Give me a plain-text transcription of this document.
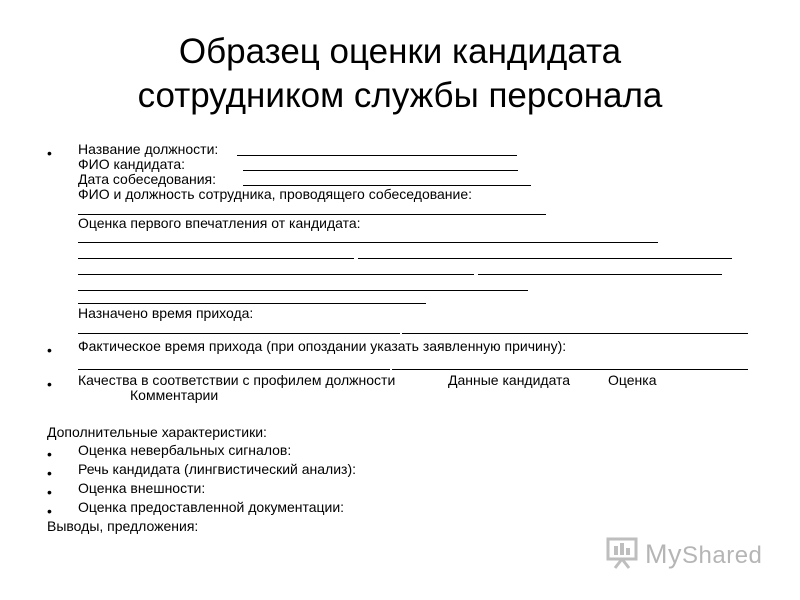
Образец оценки кандидата
сотрудником службы персонала
• Название должности:
ФИО кандидата:
Дата собеседования:
ФИО и должность сотрудника, проводящего собеседование:
Оценка первого впечатления от кандидата:
Назначено время прихода:
• Фактическое время прихода (при опоздании указать заявленную причину):
• Качества в соответствии с профилем должности	Данные кандидата	Оценка
Комментарии
Дополнительные характеристики:
• Оценка невербальных сигналов:
• Речь кандидата (лингвистический анализ):
• Оценка внешности:
• Оценка предоставленной документации:
Выводы, предложения:
MyShared
